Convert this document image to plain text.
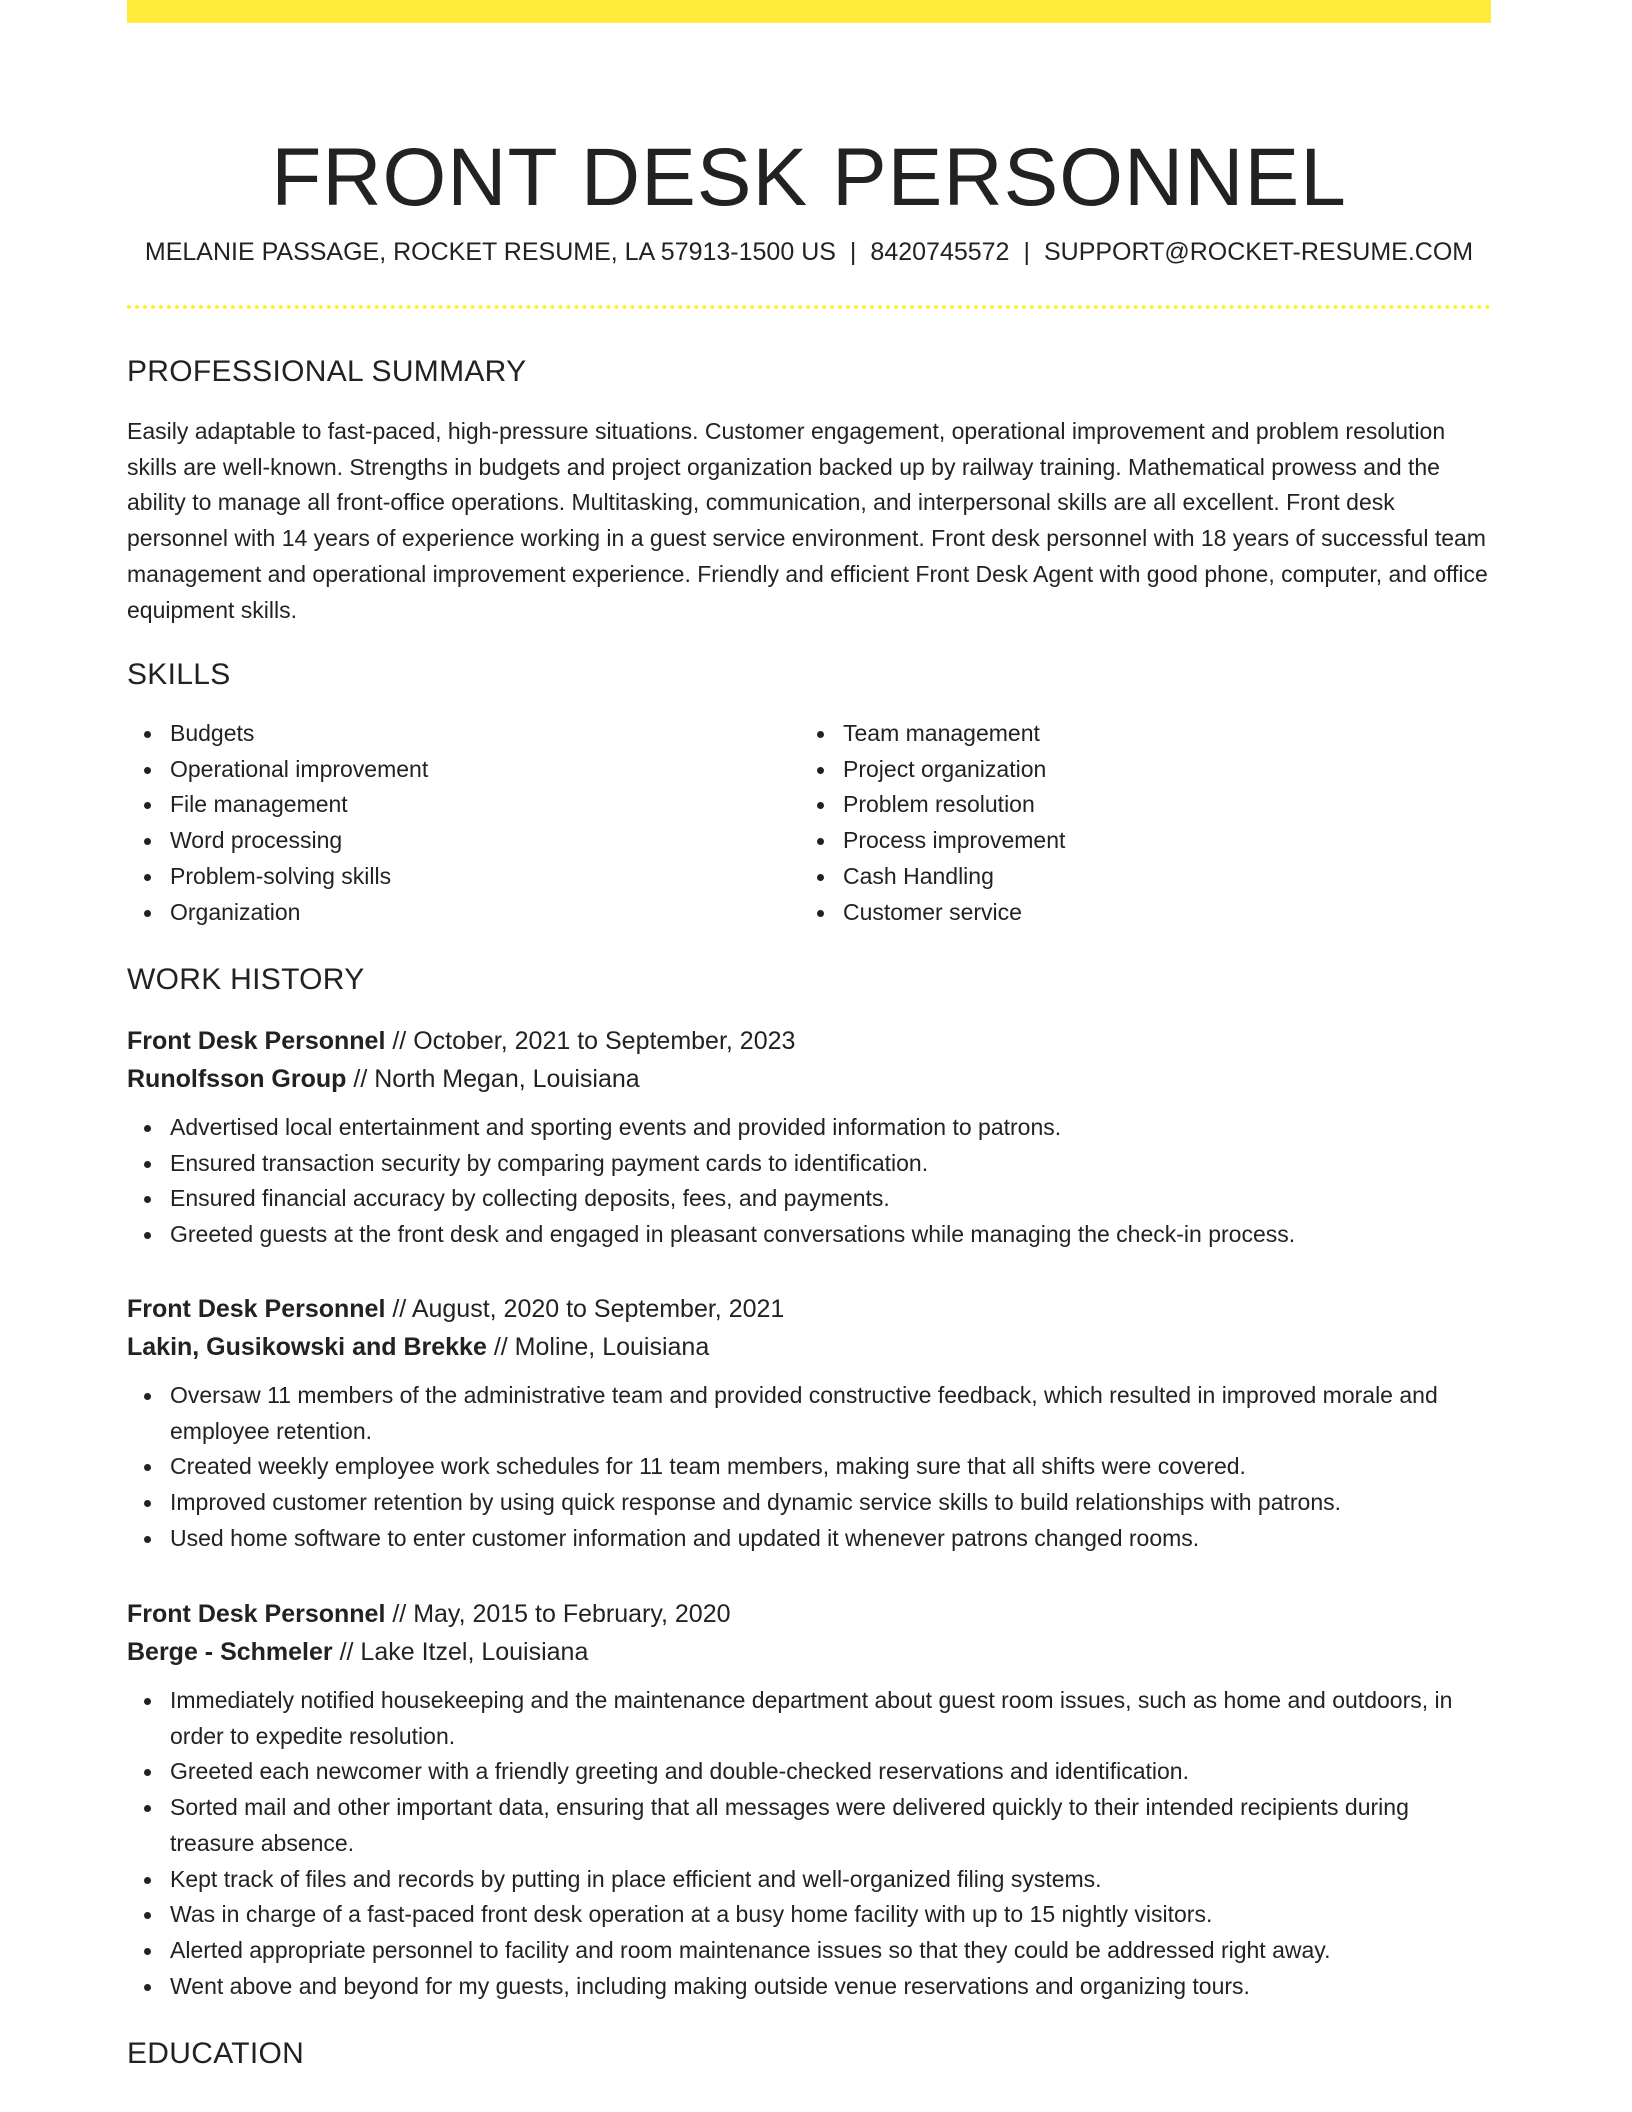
FRONT DESK PERSONNEL
MELANIE PASSAGE, ROCKET RESUME, LA 57913-1500 US | 8420745572 | SUPPORT@ROCKET-RESUME.COM
PROFESSIONAL SUMMARY

Easily adaptable to fast-paced, high-pressure situations. Customer engagement, operational improvement and problem resolution skills are well-known. Strengths in budgets and project organization backed up by railway training. Mathematical prowess and the ability to manage all front-office operations. Multitasking, communication, and interpersonal skills are all excellent. Front desk personnel with 14 years of experience working in a guest service environment. Front desk personnel with 18 years of successful team management and operational improvement experience. Friendly and efficient Front Desk Agent with good phone, computer, and office equipment skills.

SKILLS
Budgets
Operational improvement
File management
Word processing
Problem-solving skills
Organization
Team management
Project organization
Problem resolution
Process improvement
Cash Handling
Customer service
WORK HISTORY
Front Desk Personnel // October, 2021 to September, 2023
Runolfsson Group // North Megan, Louisiana
Advertised local entertainment and sporting events and provided information to patrons.
Ensured transaction security by comparing payment cards to identification.
Ensured financial accuracy by collecting deposits, fees, and payments.
Greeted guests at the front desk and engaged in pleasant conversations while managing the check-in process.
Front Desk Personnel // August, 2020 to September, 2021
Lakin, Gusikowski and Brekke // Moline, Louisiana
Oversaw 11 members of the administrative team and provided constructive feedback, which resulted in improved morale and employee retention.
Created weekly employee work schedules for 11 team members, making sure that all shifts were covered.
Improved customer retention by using quick response and dynamic service skills to build relationships with patrons.
Used home software to enter customer information and updated it whenever patrons changed rooms.
Front Desk Personnel // May, 2015 to February, 2020
Berge - Schmeler // Lake Itzel, Louisiana
Immediately notified housekeeping and the maintenance department about guest room issues, such as home and outdoors, in order to expedite resolution.
Greeted each newcomer with a friendly greeting and double-checked reservations and identification.
Sorted mail and other important data, ensuring that all messages were delivered quickly to their intended recipients during treasure absence.
Kept track of files and records by putting in place efficient and well-organized filing systems.
Was in charge of a fast-paced front desk operation at a busy home facility with up to 15 nightly visitors.
Alerted appropriate personnel to facility and room maintenance issues so that they could be addressed right away.
Went above and beyond for my guests, including making outside venue reservations and organizing tours.
EDUCATION
